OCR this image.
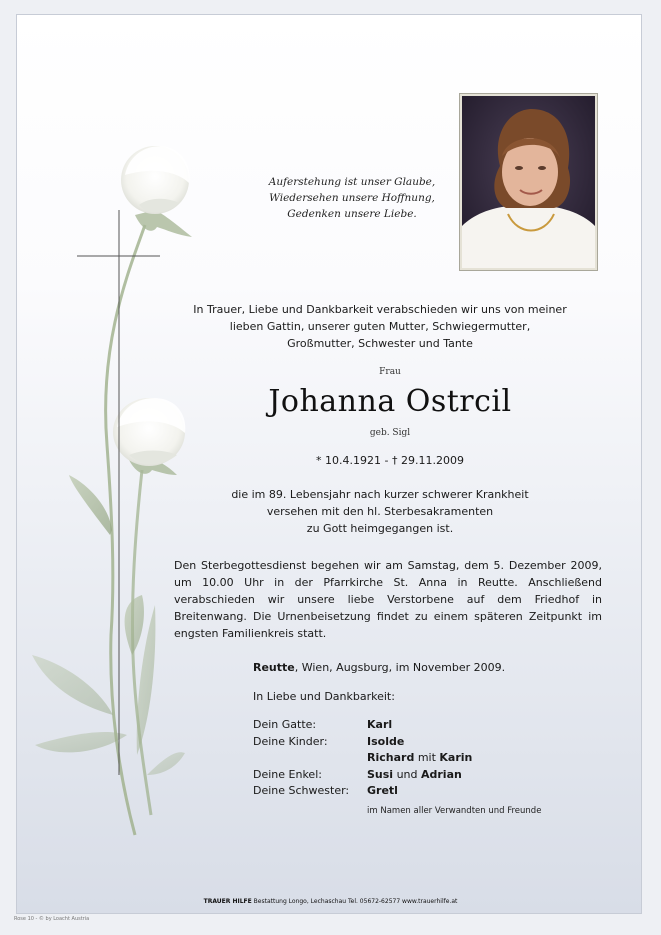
Auferstehung ist unser Glaube,
Wiedersehen unsere Hoffnung,
Gedenken unsere Liebe.
In Trauer, Liebe und Dankbarkeit verabschieden wir uns von meiner
lieben Gattin, unserer guten Mutter, Schwiegermutter,
Großmutter, Schwester und Tante
Frau
Johanna Ostrcil
geb. Sigl
* 10.4.1921 - † 29.11.2009
die im 89. Lebensjahr nach kurzer schwerer Krankheit
versehen mit den hl. Sterbesakramenten
zu Gott heimgegangen ist.
Den Sterbegottesdienst begehen wir am Samstag, dem 5. Dezember 2009, um 10.00 Uhr in der Pfarrkirche St. Anna in Reutte. Anschließend verabschieden wir unsere liebe Verstorbene auf dem Friedhof in Breitenwang. Die Urnenbeisetzung findet zu einem späteren Zeitpunkt im engsten Familienkreis statt.
Reutte, Wien, Augsburg, im November 2009.
In Liebe und Dankbarkeit:
Dein Gatte:	Karl
Deine Kinder:	Isolde
Richard mit Karin
Deine Enkel:	Susi und Adrian
Deine Schwester:	Gretl
im Namen aller Verwandten und Freunde
TRAUER HILFE Bestattung Longo, Lechaschau Tel. 05672-62577 www.trauerhilfe.at
Rose 10 - © by Loacht Austria
